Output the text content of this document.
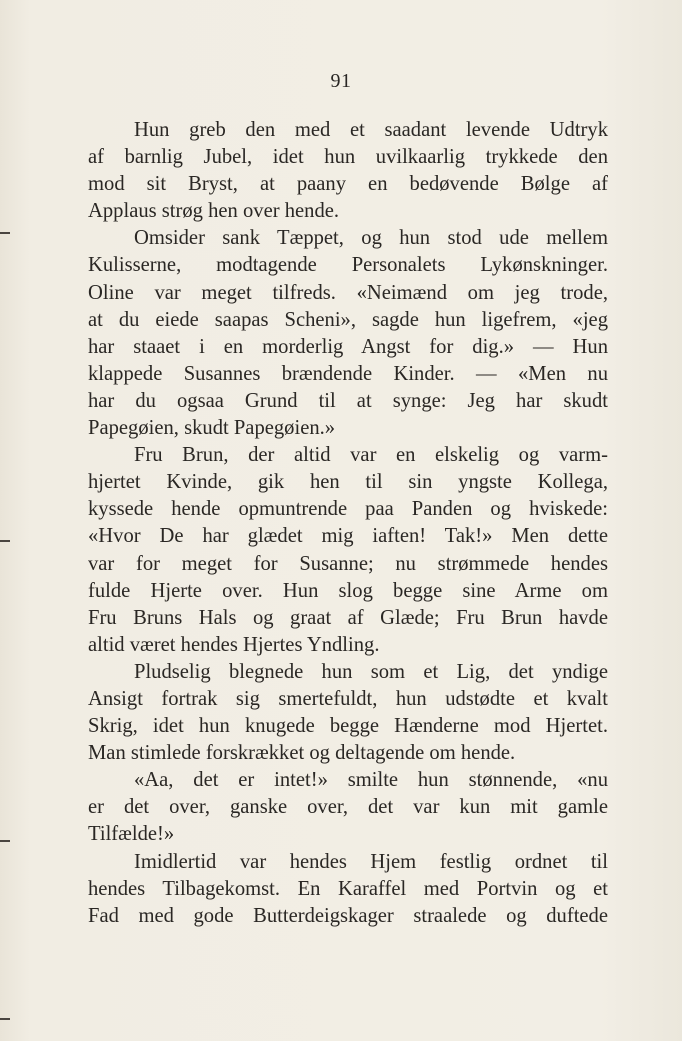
91
Hun greb den med et saadant levende Udtryk
af barnlig Jubel, idet hun uvilkaarlig trykkede den
mod sit Bryst, at paany en bedøvende Bølge af
Applaus strøg hen over hende.
Omsider sank Tæppet, og hun stod ude mellem
Kulisserne, modtagende Personalets Lykønskninger.
Oline var meget tilfreds. «Neimænd om jeg trode,
at du eiede saapas Scheni», sagde hun ligefrem, «jeg
har staaet i en morderlig Angst for dig.» — Hun
klappede Susannes brændende Kinder. — «Men nu
har du ogsaa Grund til at synge: Jeg har skudt
Papegøien, skudt Papegøien.»
Fru Brun, der altid var en elskelig og varm-
hjertet Kvinde, gik hen til sin yngste Kollega,
kyssede hende opmuntrende paa Panden og hviskede:
«Hvor De har glædet mig iaften! Tak!» Men dette
var for meget for Susanne; nu strømmede hendes
fulde Hjerte over. Hun slog begge sine Arme om
Fru Bruns Hals og graat af Glæde; Fru Brun havde
altid været hendes Hjertes Yndling.
Pludselig blegnede hun som et Lig, det yndige
Ansigt fortrak sig smertefuldt, hun udstødte et kvalt
Skrig, idet hun knugede begge Hænderne mod Hjertet.
Man stimlede forskrækket og deltagende om hende.
«Aa, det er intet!» smilte hun stønnende, «nu
er det over, ganske over, det var kun mit gamle
Tilfælde!»
Imidlertid var hendes Hjem festlig ordnet til
hendes Tilbagekomst. En Karaffel med Portvin og et
Fad med gode Butterdeigskager straalede og duftede
